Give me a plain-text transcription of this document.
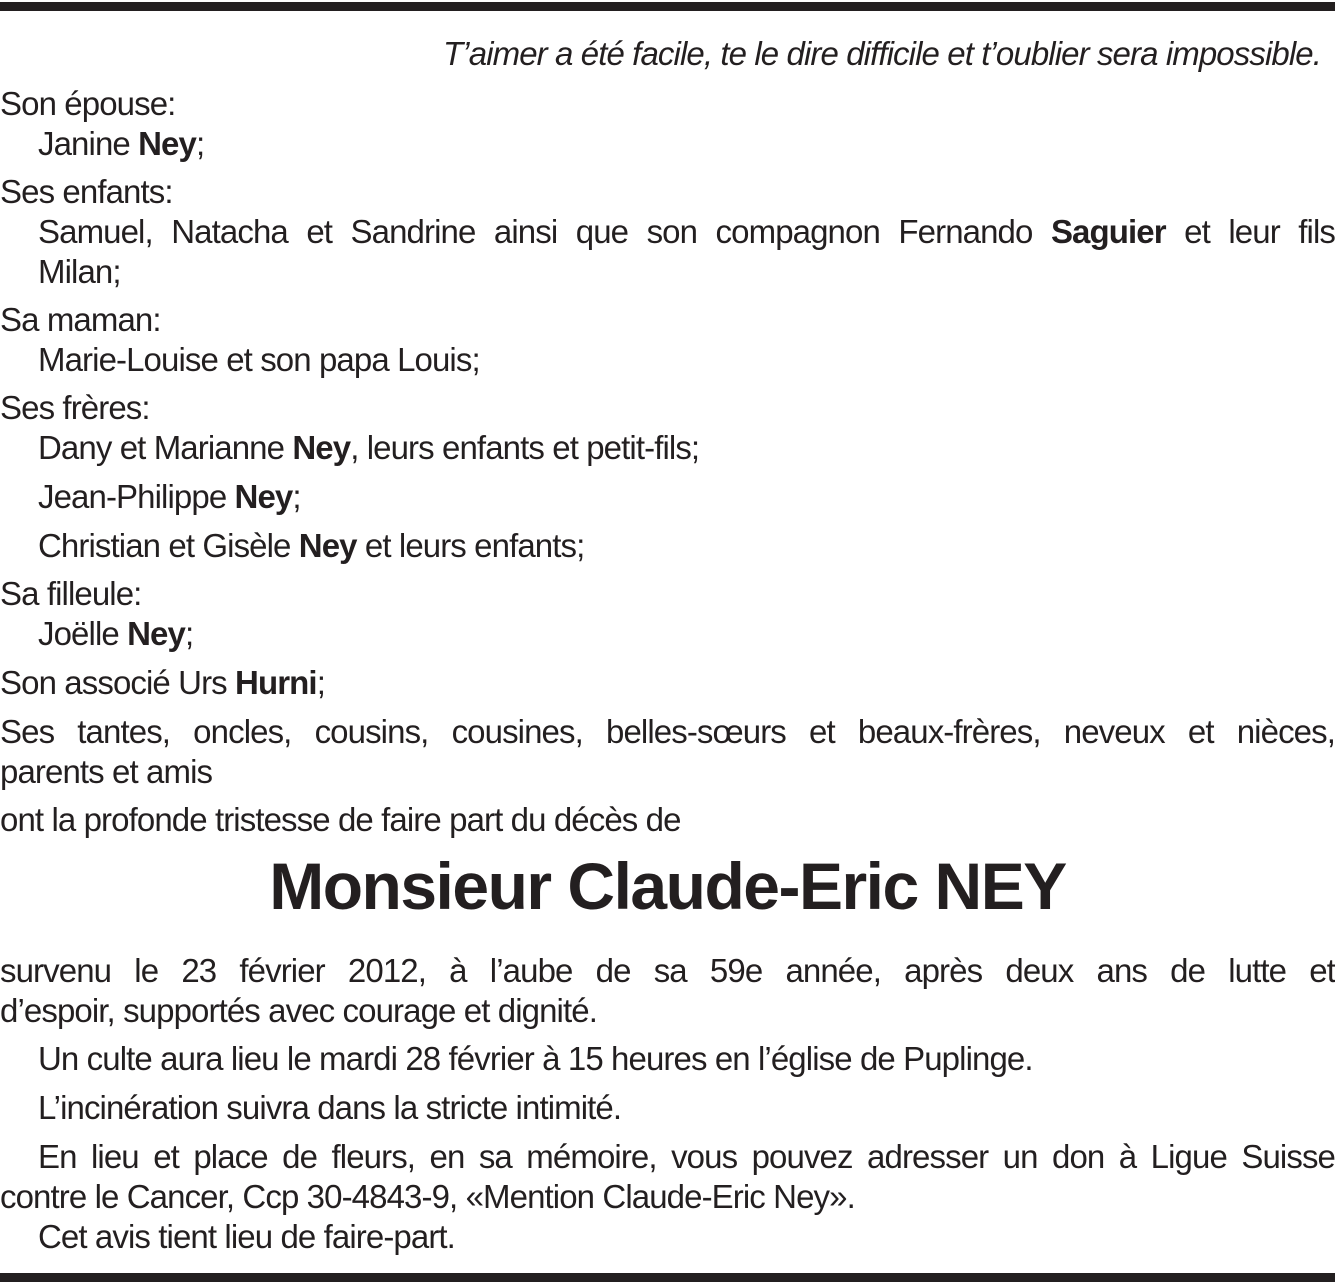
T’aimer a été facile, te le dire difficile et t’oublier sera impossible.
Son épouse:
Janine Ney;
Ses enfants:
Samuel, Natacha et Sandrine ainsi que son compagnon Fernando Saguier et leur fils
Milan;
Sa maman:
Marie-Louise et son papa Louis;
Ses frères:
Dany et Marianne Ney, leurs enfants et petit-fils;
Jean-Philippe Ney;
Christian et Gisèle Ney et leurs enfants;
Sa filleule:
Joëlle Ney;
Son associé Urs Hurni;
Ses tantes, oncles, cousins, cousines, belles-sœurs et beaux-frères, neveux et nièces,
parents et amis
ont la profonde tristesse de faire part du décès de
Monsieur Claude-Eric NEY
survenu le 23 février 2012, à l’aube de sa 59e année, après deux ans de lutte et
d’espoir, supportés avec courage et dignité.
Un culte aura lieu le mardi 28 février à 15 heures en l’église de Puplinge.
L’incinération suivra dans la stricte intimité.
En lieu et place de fleurs, en sa mémoire, vous pouvez adresser un don à Ligue Suisse
contre le Cancer, Ccp 30-4843-9, «Mention Claude-Eric Ney».
Cet avis tient lieu de faire-part.
